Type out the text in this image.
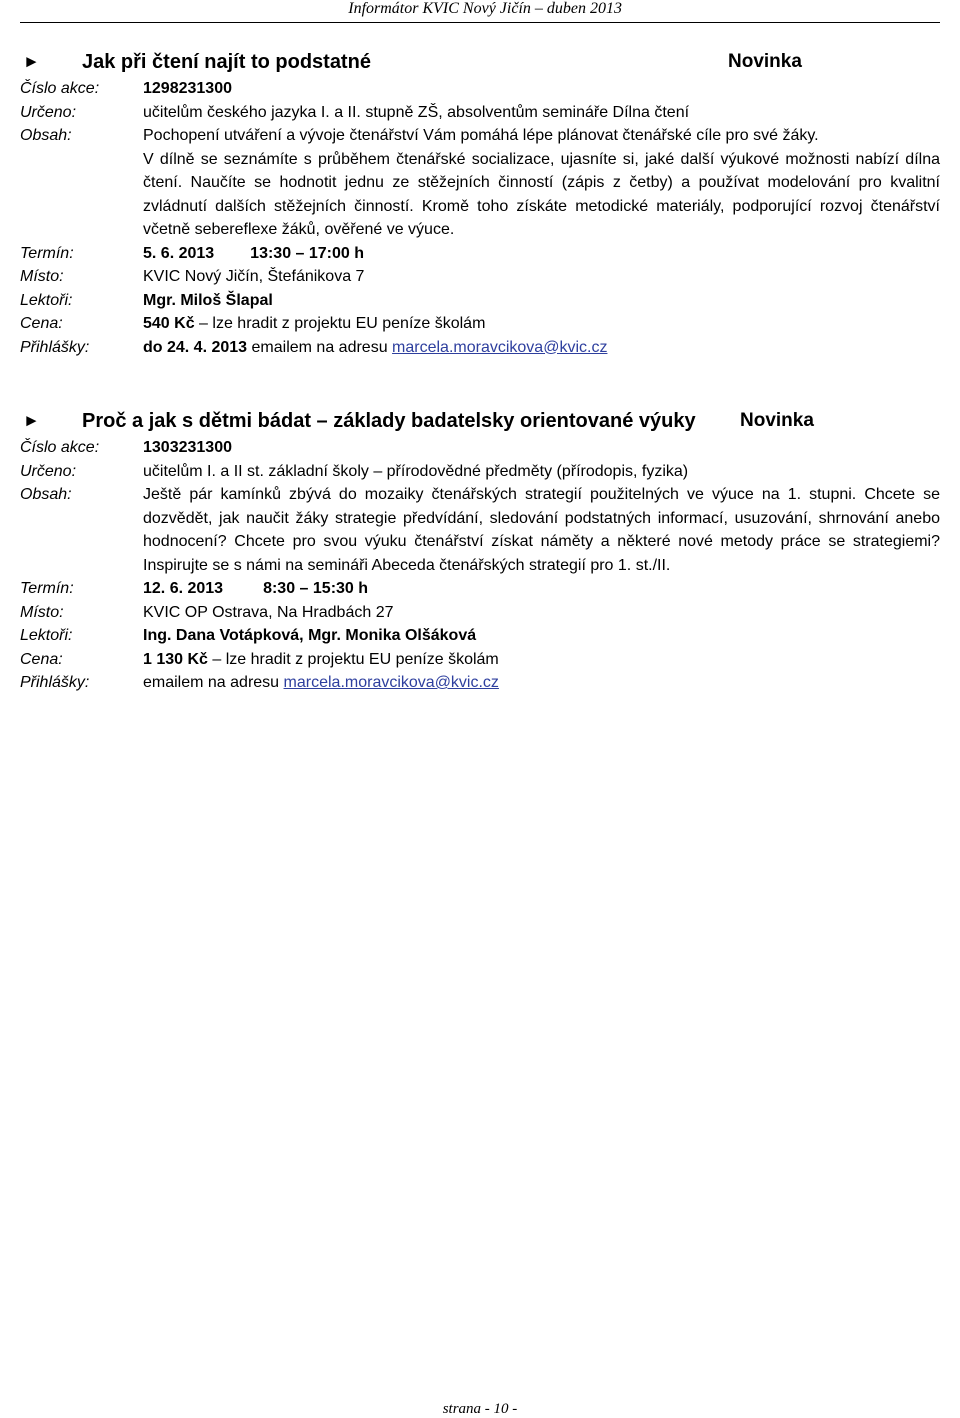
Informátor KVIC Nový Jičín – duben 2013
► Jak při čtení najít to podstatné	Novinka
Číslo akce:	1298231300
Určeno:	učitelům českého jazyka I. a II. stupně ZŠ, absolventům semináře Dílna čtení
Obsah:	Pochopení utváření a vývoje čtenářství Vám pomáhá lépe plánovat čtenářské cíle pro své žáky.
V dílně se seznámíte s průběhem čtenářské socializace, ujasníte si, jaké další výukové možnosti nabízí dílna čtení. Naučíte se hodnotit jednu ze stěžejních činností (zápis z četby) a používat modelování pro kvalitní zvládnutí dalších stěžejních činností. Kromě toho získáte metodické materiály, podporující rozvoj čtenářství včetně sebereflexe žáků, ověřené ve výuce.
Termín:	5. 6. 2013 13:30 – 17:00 h
Místo:	KVIC Nový Jičín, Štefánikova 7
Lektoři:	Mgr. Miloš Šlapal
Cena:	540 Kč – lze hradit z projektu EU peníze školám
Přihlášky:	do 24. 4. 2013 emailem na adresu marcela.moravcikova@kvic.cz
► Proč a jak s dětmi bádat – základy badatelsky orientované výuky Novinka
Číslo akce:	1303231300
Určeno:	učitelům I. a II st. základní školy – přírodovědné předměty (přírodopis, fyzika)
Obsah:	Ještě pár kamínků zbývá do mozaiky čtenářských strategií použitelných ve výuce na 1. stupni. Chcete se dozvědět, jak naučit žáky strategie předvídání, sledování podstatných informací, usuzování, shrnování anebo hodnocení? Chcete pro svou výuku čtenářství získat náměty a některé nové metody práce se strategiemi? Inspirujte se s námi na semináři Abeceda čtenářských strategií pro 1. st./II.
Termín:	12. 6. 2013	8:30 – 15:30 h
Místo:	KVIC OP Ostrava, Na Hradbách 27
Lektoři:	Ing. Dana Votápková, Mgr. Monika Olšáková
Cena:	1 130 Kč – lze hradit z projektu EU peníze školám
Přihlášky:	emailem na adresu marcela.moravcikova@kvic.cz
strana - 10 -
